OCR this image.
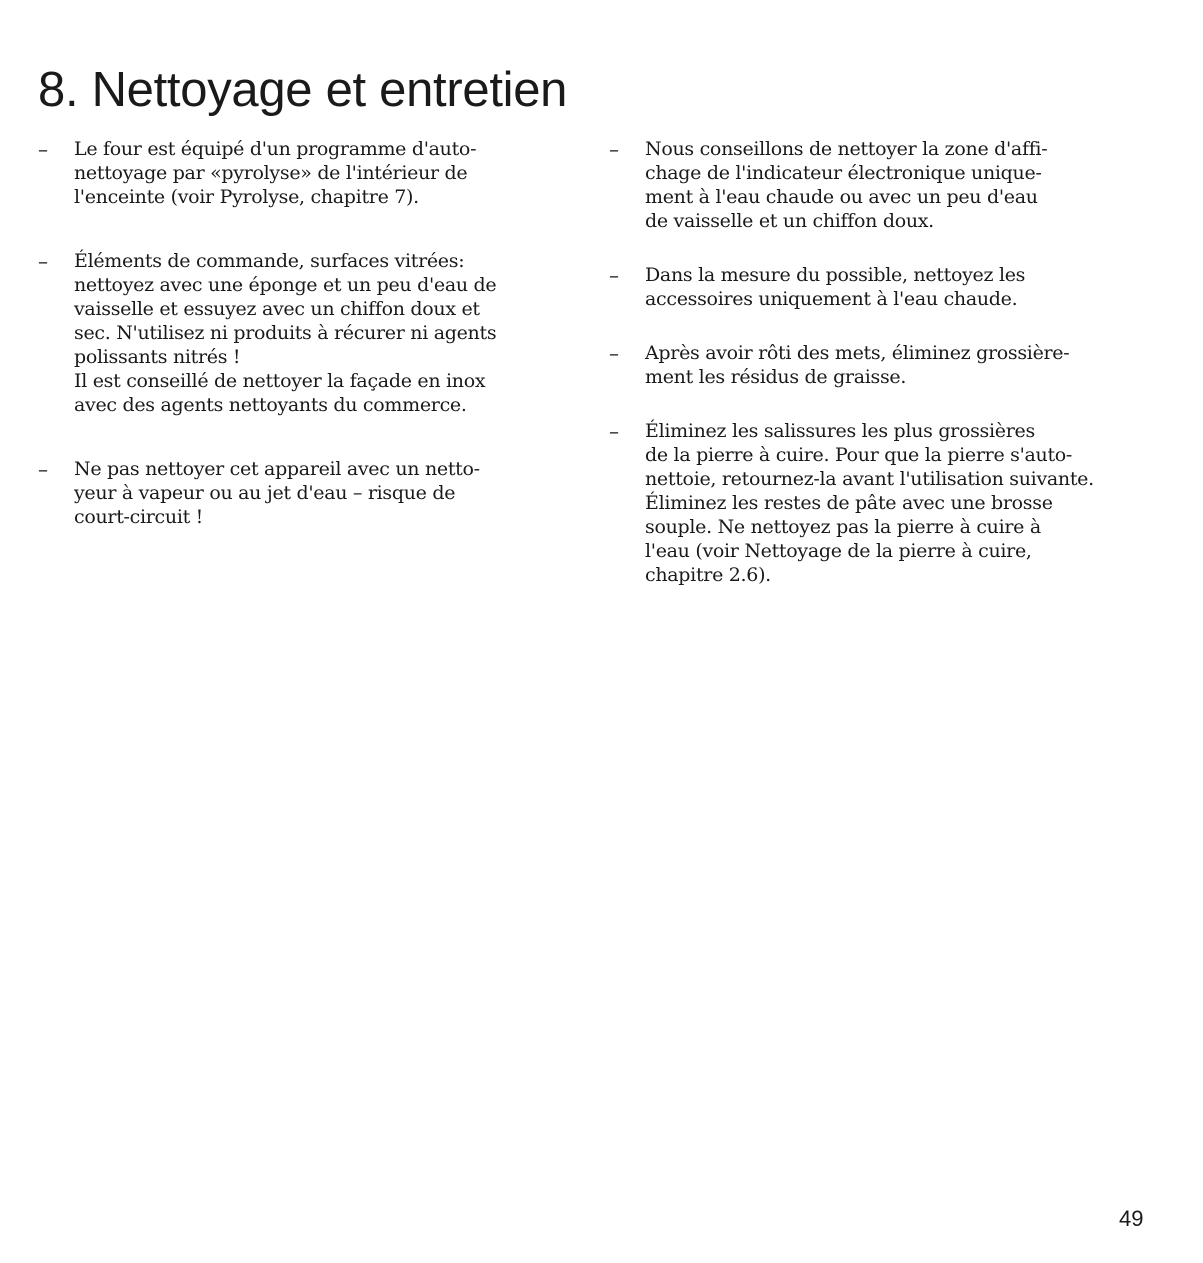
8. Nettoyage et entretien
– Le four est équipé d'un programme d'auto-
nettoyage par «pyrolyse» de l'intérieur de
l'enceinte (voir Pyrolyse, chapitre 7).

– Éléments de commande, surfaces vitrées:
nettoyez avec une éponge et un peu d'eau de
vaisselle et essuyez avec un chiffon doux et
sec. N'utilisez ni produits à récurer ni agents
polissants nitrés !
Il est conseillé de nettoyer la façade en inox
avec des agents nettoyants du commerce.

– Ne pas nettoyer cet appareil avec un netto-
yeur à vapeur ou au jet d'eau – risque de
court-circuit !

– Nous conseillons de nettoyer la zone d'affi-
chage de l'indicateur électronique unique-
ment à l'eau chaude ou avec un peu d'eau
de vaisselle et un chiffon doux.

– Dans la mesure du possible, nettoyez les
accessoires uniquement à l'eau chaude.

– Après avoir rôti des mets, éliminez grossière-
ment les résidus de graisse.

– Éliminez les salissures les plus grossières
de la pierre à cuire. Pour que la pierre s'auto-
nettoie, retournez-la avant l'utilisation suivante.
Éliminez les restes de pâte avec une brosse
souple. Ne nettoyez pas la pierre à cuire à
l'eau (voir Nettoyage de la pierre à cuire,
chapitre 2.6).

49
